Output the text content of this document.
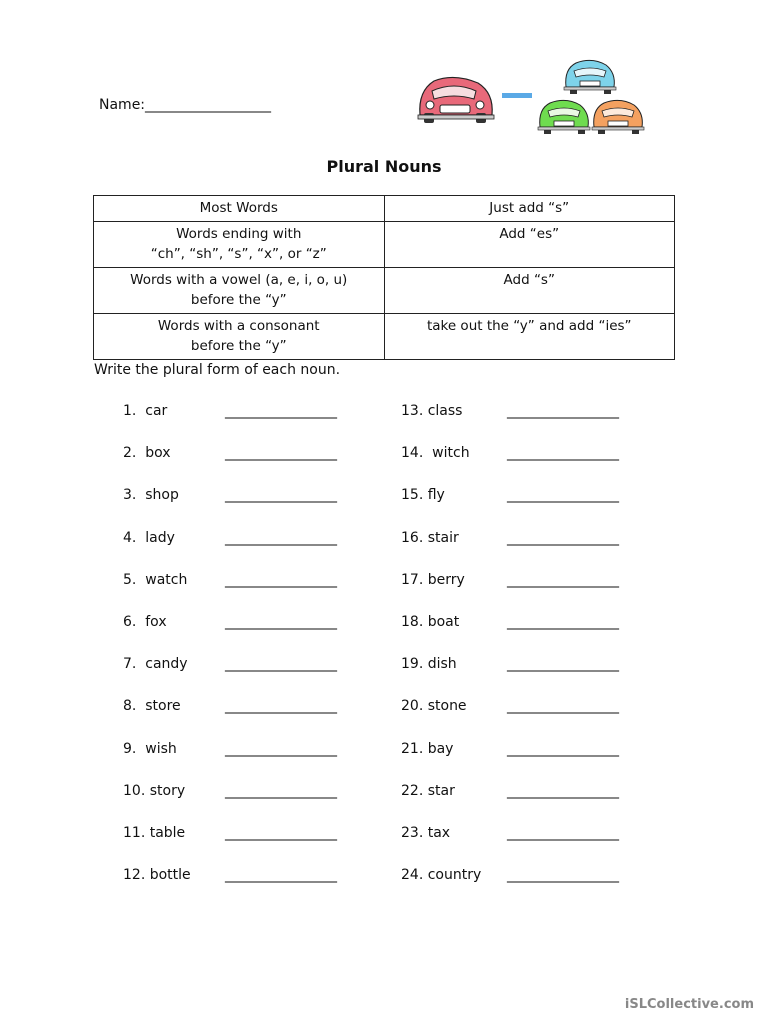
Name:__________________
Plural Nouns
Most Words	Just add “s”
Words ending with
“ch”, “sh”, “s”, “x”, or “z”	Add “es”
Words with a vowel (a, e, i, o, u)
before the “y”	Add “s”
Words with a consonant
before the “y”	take out the “y” and add “ies”
Write the plural form of each noun.
1.  car	________________
2.  box	________________
3.  shop	________________
4.  lady	________________
5.  watch	________________
6.  fox	________________
7.  candy	________________
8.  store	________________
9.  wish	________________
10. story	________________
11. table	________________
12. bottle ________________
13. class	________________
14.  witch	________________
15. fly	________________
16. stair	________________
17. berry	________________
18. boat	________________
19. dish	________________
20. stone	________________
21. bay	________________
22. star	________________
23. tax	________________
24. country ________________
iSLCollective.com
